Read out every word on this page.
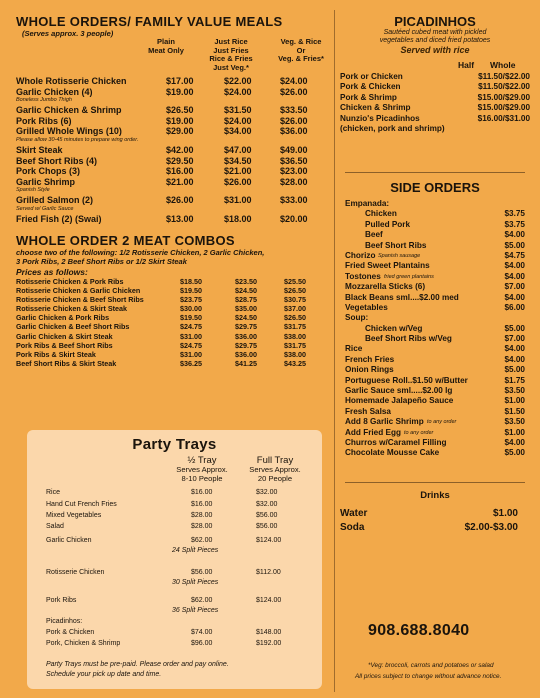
WHOLE ORDERS/ FAMILY VALUE MEALS
(Serves approx. 3 people)
Plain
Meat Only
Just Rice
Just Fries
Rice & Fries
Just Veg.*
Veg. & Rice
Or
Veg. & Fries*
Whole Rotisserie Chicken	$17.00	$22.00	$24.00
Garlic Chicken (4)	$19.00	$24.00	$26.00
Boneless Jumbo Thigh
Garlic Chicken & Shrimp	$26.50	$31.50	$33.50
Pork Ribs (6)	$19.00	$24.00	$26.00
Grilled Whole Wings (10)	$29.00	$34.00	$36.00
Please allow 30-45 minutes to prepare wing order.
Skirt Steak	$42.00	$47.00	$49.00
Beef Short Ribs (4)	$29.50	$34.50	$36.50
Pork Chops (3)	$16.00	$21.00	$23.00
Garlic Shrimp	$21.00	$26.00	$28.00
Spanish Style
Grilled Salmon (2)	$26.00	$31.00	$33.00
Served w/ Garlic Sauce
Fried Fish (2) (Swai)	$13.00	$18.00	$20.00
WHOLE ORDER 2 MEAT COMBOS
choose two of the following: 1/2 Rotisserie Chicken, 2 Garlic Chicken,
3 Pork Ribs, 2 Beef Short Ribs or 1/2 Skirt Steak
Prices as follows:
Rotisserie Chicken & Pork Ribs	$18.50	$23.50	$25.50
Rotisserie Chicken & Garlic Chicken	$19.50	$24.50	$26.50
Rotisserie Chicken & Beef Short Ribs	$23.75	$28.75	$30.75
Rotisserie Chicken & Skirt Steak	$30.00	$35.00	$37.00
Garlic Chicken & Pork Ribs	$19.50	$24.50	$26.50
Garlic Chicken & Beef Short Ribs	$24.75	$29.75	$31.75
Garlic Chicken & Skirt Steak	$31.00	$36.00	$38.00
Pork Ribs & Beef Short Ribs	$24.75	$29.75	$31.75
Pork Ribs & Skirt Steak	$31.00	$36.00	$38.00
Beef Short Ribs & Skirt Steak	$36.25	$41.25	$43.25
Party Trays
½ Tray
Serves Approx.
8-10 People
Full Tray
Serves Approx.
20 People
Rice	$16.00	$32.00
Hand Cut French Fries	$16.00	$32.00
Mixed Vegetables	$28.00	$56.00
Salad	$28.00	$56.00
Garlic Chicken	$62.00	$124.00
24 Split Pieces
Rotisserie Chicken	$56.00	$112.00
30 Split Pieces
Pork Ribs	$62.00	$124.00
36 Split Pieces
Picadinhos:
Pork & Chicken	$74.00	$148.00
Pork, Chicken & Shrimp	$96.00	$192.00
Party Trays must be pre-paid. Please order and pay online.
Schedule your pick up date and time.
PICADINHOS
Sautéed cubed meat with pickled
vegetables and diced fried potatoes
Served with rice
Half Whole
Pork or Chicken	$11.50/$22.00
Pork & Chicken	$11.50/$22.00
Pork & Shrimp	$15.00/$29.00
Chicken & Shrimp	$15.00/$29.00
Nunzio's Picadinhos	$16.00/$31.00
(chicken, pork and shrimp)
SIDE ORDERS
Empanada:
Chicken	$3.75
Pulled Pork	$3.75
Beef	$4.00
Beef Short Ribs	$5.00
Chorizo	$4.75
Spanish sausage
Fried Sweet Plantains	$4.00
Tostones	$4.00
fried green plantains
Mozzarella Sticks (6)	$7.00
Black Beans sml....$2.00 med	$4.00
Vegetables	$6.00
Soup:
Chicken w/Veg	$5.00
Beef Short Ribs w/Veg	$7.00
Rice	$4.00
French Fries	$4.00
Onion Rings	$5.00
Portuguese Roll..$1.50 w/Butter	$1.75
Garlic Sauce sml.....$2.00 lg	$3.50
Homemade Jalapeño Sauce	$1.00
Fresh Salsa	$1.50
Add 8 Garlic Shrimp	$3.50
to any order
Add Fried Egg	$1.00
to any order
Churros w/Caramel Filling	$4.00
Chocolate Mousse Cake	$5.00
Drinks
Water	$1.00
Soda	$2.00-$3.00
908.688.8040
*Veg: broccoli, carrots and potatoes or salad
All prices subject to change without advance notice.
